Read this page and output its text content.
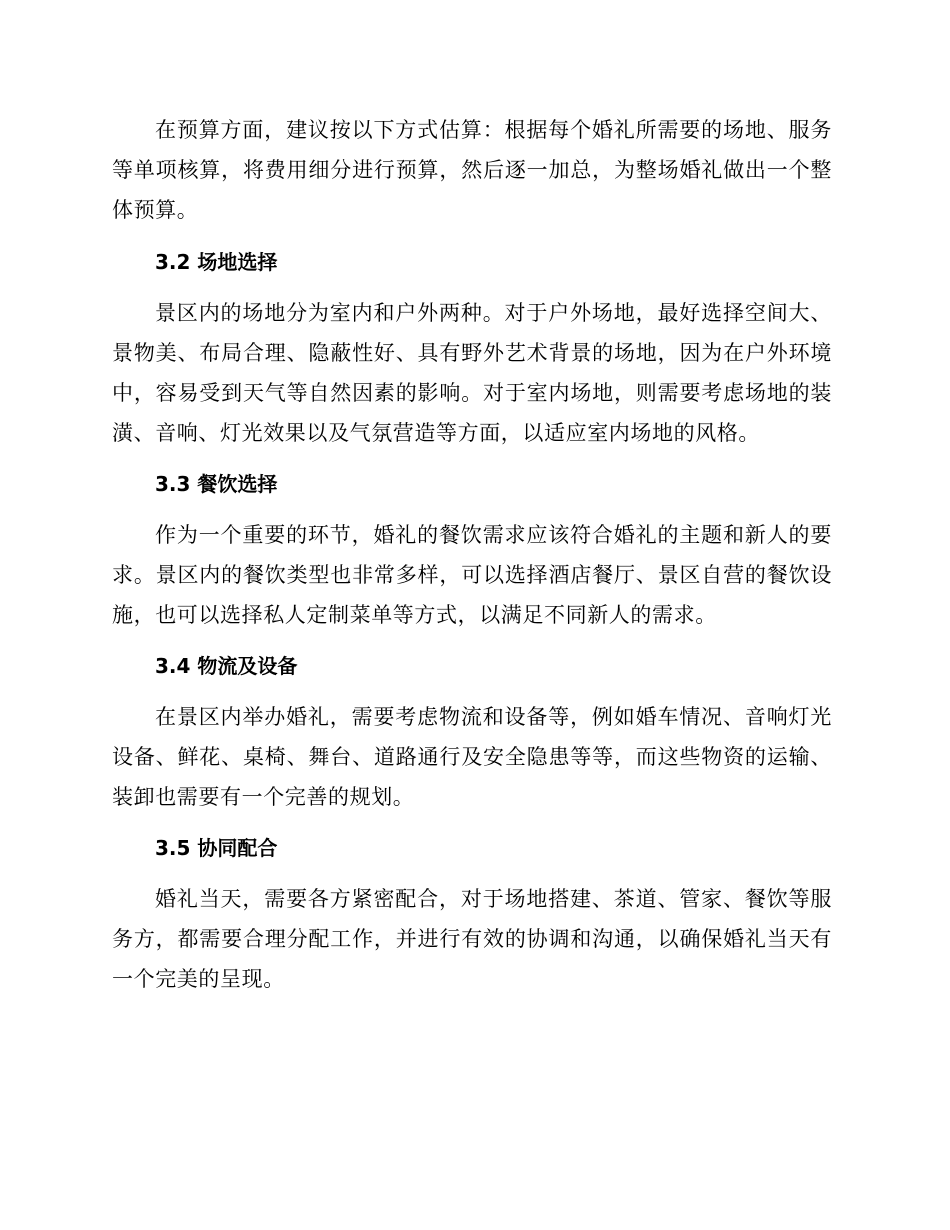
在预算方面，建议按以下方式估算：根据每个婚礼所需要的场地、服务等单项核算，将费用细分进行预算，然后逐一加总，为整场婚礼做出一个整体预算。

3.2 场地选择

景区内的场地分为室内和户外两种。对于户外场地，最好选择空间大、景物美、布局合理、隐蔽性好、具有野外艺术背景的场地，因为在户外环境中，容易受到天气等自然因素的影响。对于室内场地，则需要考虑场地的装潢、音响、灯光效果以及气氛营造等方面，以适应室内场地的风格。

3.3 餐饮选择

作为一个重要的环节，婚礼的餐饮需求应该符合婚礼的主题和新人的要求。景区内的餐饮类型也非常多样，可以选择酒店餐厅、景区自营的餐饮设施，也可以选择私人定制菜单等方式，以满足不同新人的需求。

3.4 物流及设备

在景区内举办婚礼，需要考虑物流和设备等，例如婚车情况、音响灯光设备、鲜花、桌椅、舞台、道路通行及安全隐患等等，而这些物资的运输、装卸也需要有一个完善的规划。

3.5 协同配合

婚礼当天，需要各方紧密配合，对于场地搭建、茶道、管家、餐饮等服务方，都需要合理分配工作，并进行有效的协调和沟通，以确保婚礼当天有一个完美的呈现。
